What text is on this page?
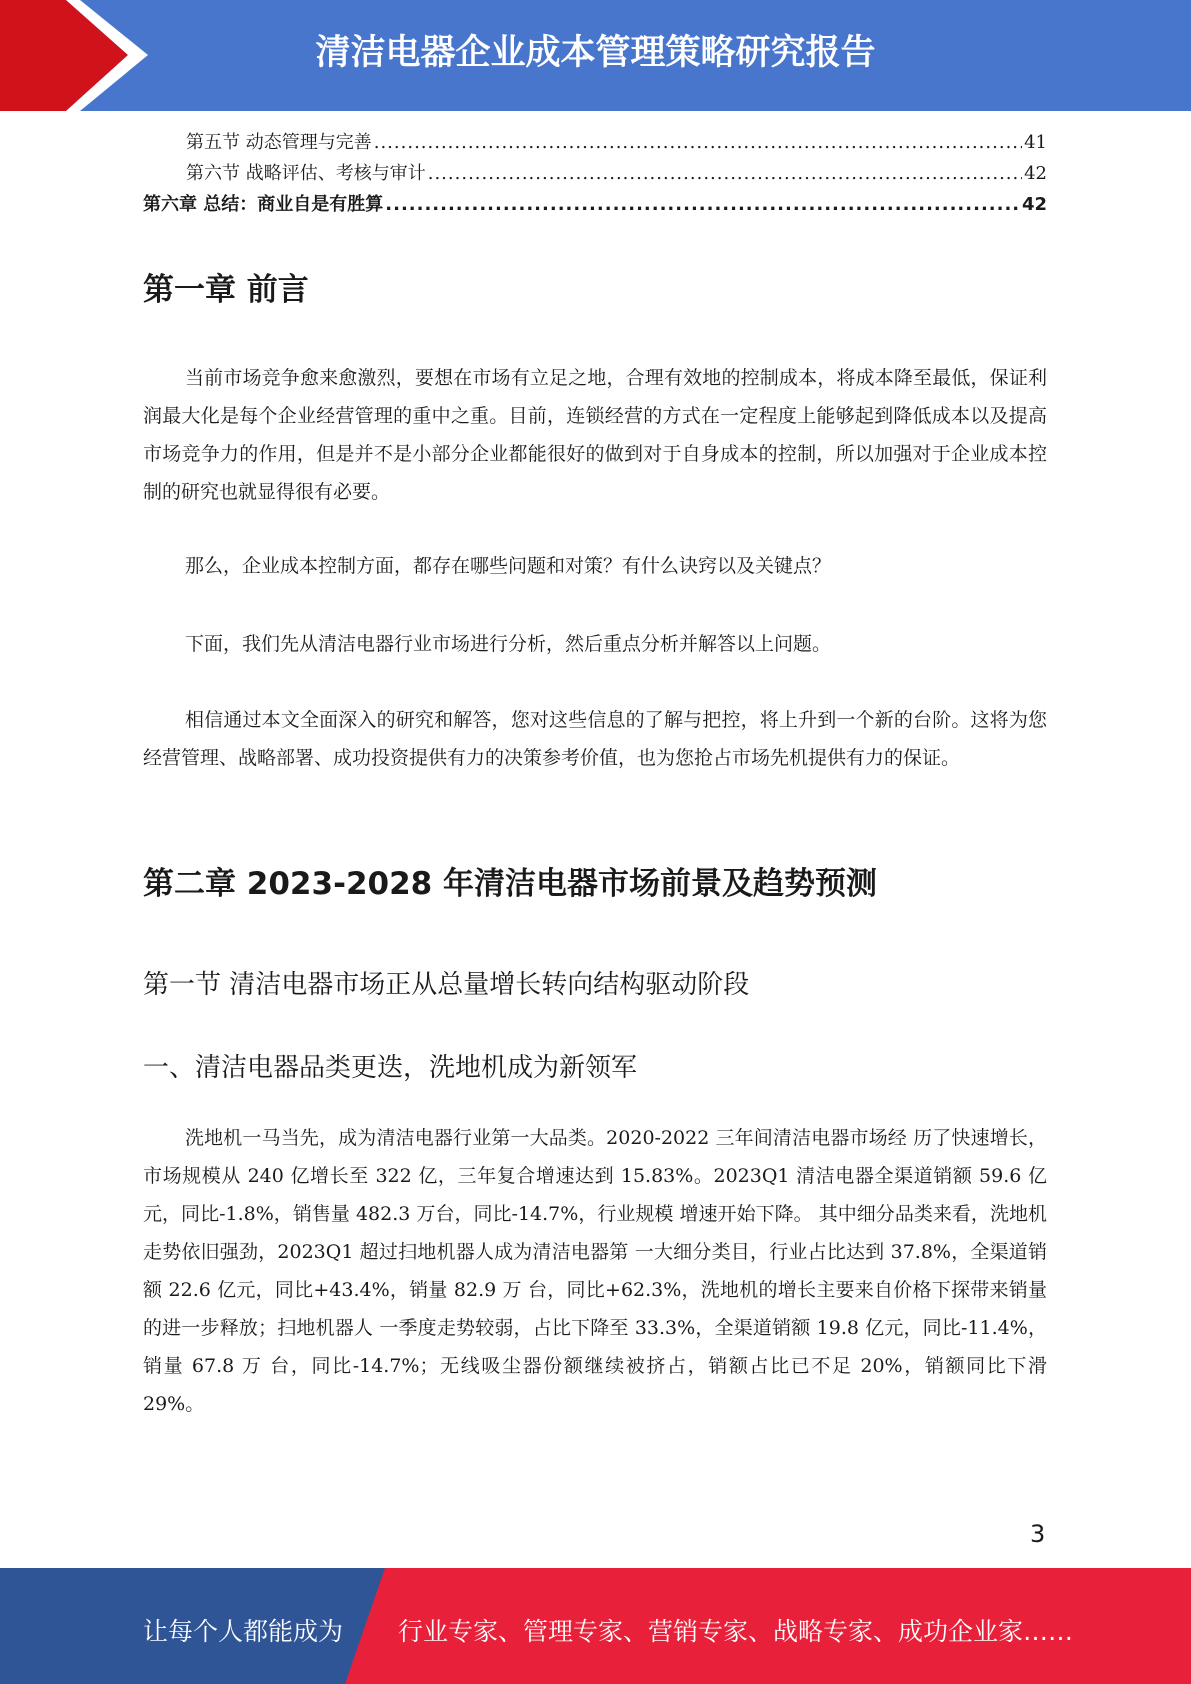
清洁电器企业成本管理策略研究报告
第五节 动态管理与完善 .....	41
第六节 战略评估、考核与审计 .....	42
第六章 总结：商业自是有胜算 .....	42
第一章 前言

当前市场竞争愈来愈激烈，要想在市场有立足之地，合理有效地的控制成本，将成本降至最低，保证利润最大化是每个企业经营管理的重中之重。目前，连锁经营的方式在一定程度上能够起到降低成本以及提高市场竞争力的作用，但是并不是小部分企业都能很好的做到对于自身成本的控制，所以加强对于企业成本控制的研究也就显得很有必要。

那么，企业成本控制方面，都存在哪些问题和对策？有什么诀窍以及关键点？

下面，我们先从清洁电器行业市场进行分析，然后重点分析并解答以上问题。

相信通过本文全面深入的研究和解答，您对这些信息的了解与把控，将上升到一个新的台阶。这将为您经营管理、战略部署、成功投资提供有力的决策参考价值，也为您抢占市场先机提供有力的保证。

第二章 2023-2028 年清洁电器市场前景及趋势预测
第一节 清洁电器市场正从总量增长转向结构驱动阶段
一、清洁电器品类更迭，洗地机成为新领军

洗地机一马当先，成为清洁电器行业第一大品类。2020-2022 三年间清洁电器市场经 历了快速增长，市场规模从 240 亿增长至 322 亿，三年复合增速达到 15.83%。2023Q1 清洁电器全渠道销额 59.6 亿元，同比-1.8%，销售量 482.3 万台，同比-14.7%，行业规模 增速开始下降。 其中细分品类来看，洗地机走势依旧强劲，2023Q1 超过扫地机器人成为清洁电器第 一大细分类目，行业占比达到 37.8%，全渠道销额 22.6 亿元，同比+43.4%，销量 82.9 万 台，同比+62.3%，洗地机的增长主要来自价格下探带来销量的进一步释放；扫地机器人 一季度走势较弱，占比下降至 33.3%，全渠道销额 19.8 亿元，同比-11.4%，销量 67.8 万 台，同比-14.7%；无线吸尘器份额继续被挤占，销额占比已不足 20%，销额同比下滑 29%。

3
让每个人都能成为 行业专家、管理专家、营销专家、战略专家、成功企业家……
